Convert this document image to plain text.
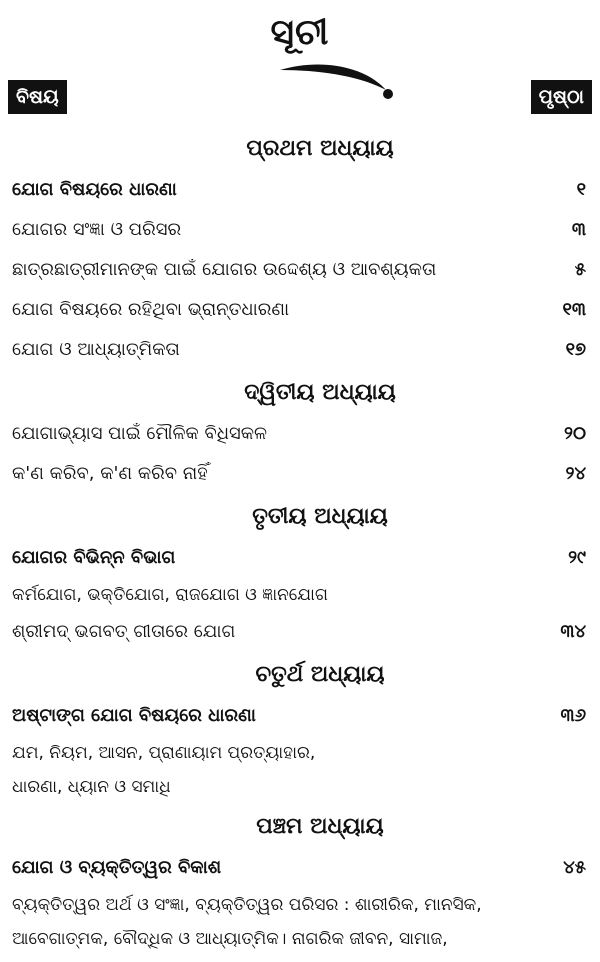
ସୂଚୀ
ବିଷୟ	ପୃଷ୍ଠା
ପ୍ରଥମ ଅଧ୍ୟାୟ
ଯୋଗ ବିଷୟରେ ଧାରଣା	୧
ଯୋଗର ସଂଜ୍ଞା ଓ ପରିସର	୩
ଛାତ୍ରଛାତ୍ରୀମାନଙ୍କ ପାଇଁ ଯୋଗର ଉଦ୍ଦେଶ୍ୟ ଓ ଆବଶ୍ୟକତା	୫
ଯୋଗ ବିଷୟରେ ରହିଥିବା ଭ୍ରାନ୍ତଧାରଣା	୧୩
ଯୋଗ ଓ ଆଧ୍ୟାତ୍ମିକତା	୧୭
ଦ୍ୱିତୀୟ ଅଧ୍ୟାୟ
ଯୋଗାଭ୍ୟାସ ପାଇଁ ମୌଳିକ ବିଧିସକଳ	୨୦
କ'ଣ କରିବ, କ'ଣ କରିବ ନାହିଁ	୨୪
ତୃତୀୟ ଅଧ୍ୟାୟ
ଯୋଗର ବିଭିନ୍ନ ବିଭାଗ	୨୯
କର୍ମଯୋଗ, ଭକ୍ତିଯୋଗ, ରାଜଯୋଗ ଓ ଜ୍ଞାନଯୋଗ
ଶ୍ରୀମଦ୍ ଭଗବତ୍ ଗୀତାରେ ଯୋଗ	୩୪
ଚତୁର୍ଥ ଅଧ୍ୟାୟ
ଅଷ୍ଟାଙ୍ଗ ଯୋଗ ବିଷୟରେ ଧାରଣା	୩୬
ଯମ, ନିୟମ, ଆସନ, ପ୍ରାଣାୟାମ ପ୍ରତ୍ୟାହାର,
ଧାରଣା, ଧ୍ୟାନ ଓ ସମାଧି
ପଞ୍ଚମ ଅଧ୍ୟାୟ
ଯୋଗ ଓ ବ୍ୟକ୍ତିତ୍ୱର ବିକାଶ	୪୫
ବ୍ୟକ୍ତିତ୍ୱର ଅର୍ଥ ଓ ସଂଜ୍ଞା, ବ୍ୟକ୍ତିତ୍ୱର ପରିସର : ଶାରୀରିକ, ମାନସିକ,
ଆବେଗାତ୍ମକ, ବୌଦ୍ଧିକ ଓ ଆଧ୍ୟାତ୍ମିକ। ନାଗରିକ ଜୀବନ, ସାମାଜ,
